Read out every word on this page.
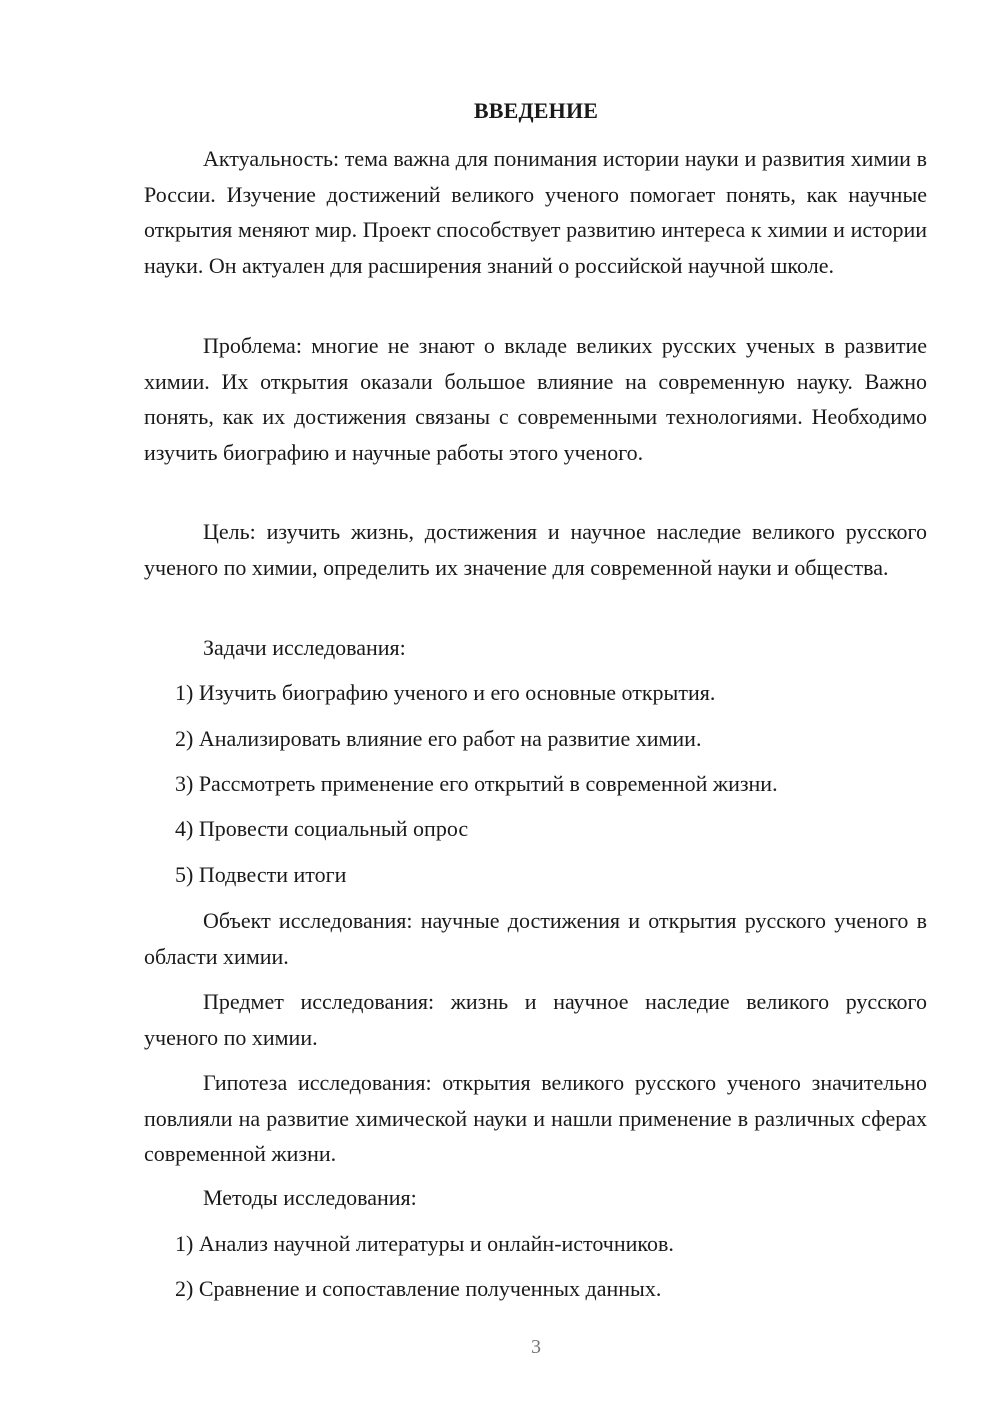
ВВЕДЕНИЕ

Актуальность: тема важна для понимания истории науки и развития химии в России. Изучение достижений великого ученого помогает понять, как научные открытия меняют мир. Проект способствует развитию интереса к химии и истории науки. Он актуален для расширения знаний о российской научной школе.

Проблема: многие не знают о вкладе великих русских ученых в развитие химии. Их открытия оказали большое влияние на современную науку. Важно понять, как их достижения связаны с современными технологиями. Необходимо изучить биографию и научные работы этого ученого.

Цель: изучить жизнь, достижения и научное наследие великого русского ученого по химии, определить их значение для современной науки и общества.

Задачи исследования:

1) Изучить биографию ученого и его основные открытия.

2) Анализировать влияние его работ на развитие химии.

3) Рассмотреть применение его открытий в современной жизни.

4) Провести социальный опрос

5) Подвести итоги

Объект исследования: научные достижения и открытия русского ученого в области химии.

Предмет исследования: жизнь и научное наследие великого русского ученого по химии.

Гипотеза исследования: открытия великого русского ученого значительно повлияли на развитие химической науки и нашли применение в различных сферах современной жизни.

Методы исследования:

1) Анализ научной литературы и онлайн-источников.

2) Сравнение и сопоставление полученных данных.

3
